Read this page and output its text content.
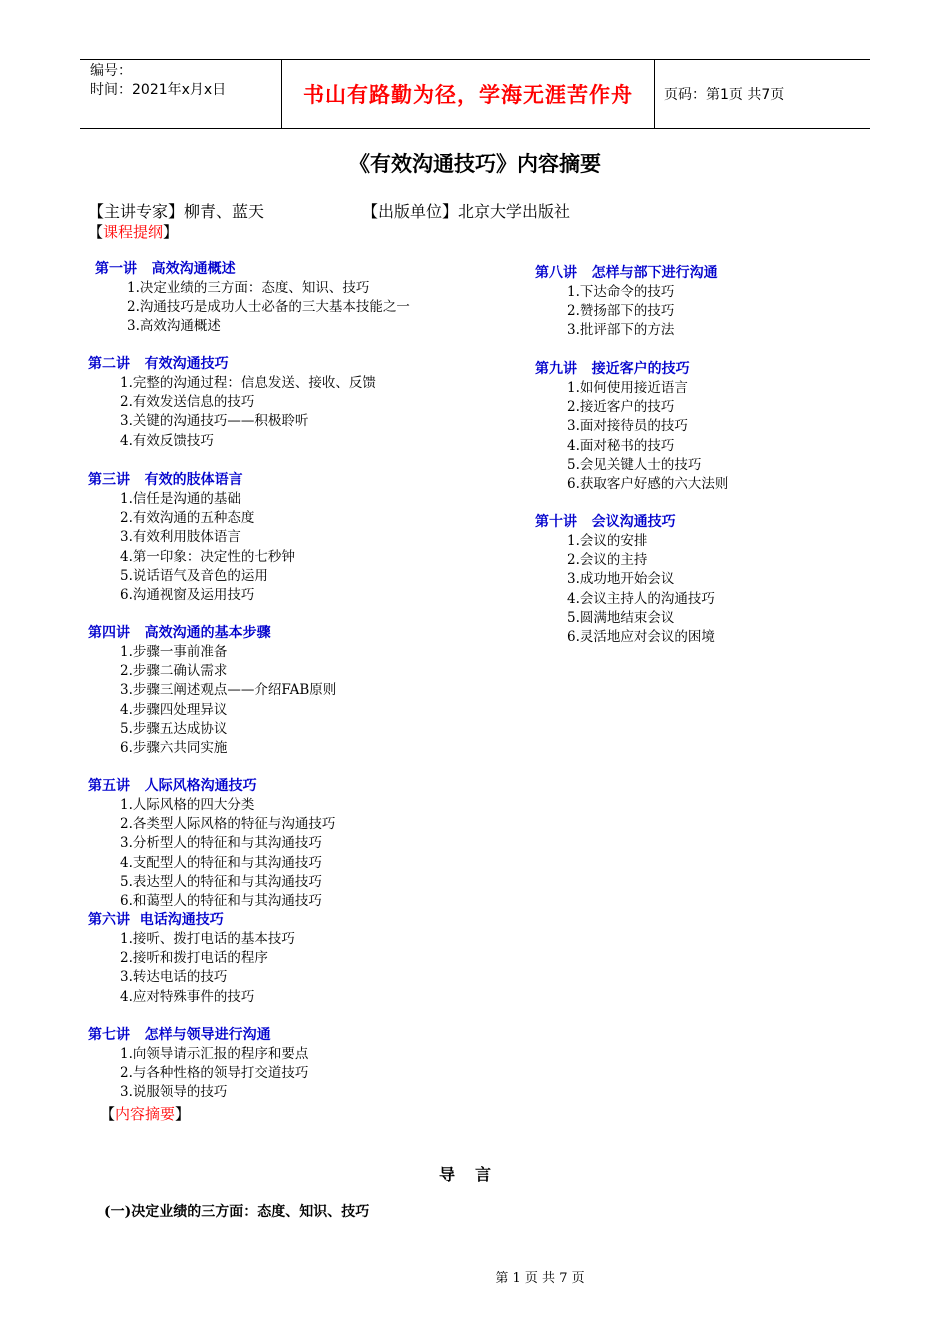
编号：
时间：2021年x月x日	书山有路勤为径，学海无涯苦作舟	页码：第1页 共7页
《有效沟通技巧》内容摘要
【主讲专家】柳青、蓝天	【出版单位】北京大学出版社
【课程提纲】
第一讲   高效沟通概述
1.决定业绩的三方面：态度、知识、技巧
2.沟通技巧是成功人士必备的三大基本技能之一
3.高效沟通概述
第二讲   有效沟通技巧
1.完整的沟通过程：信息发送、接收、反馈
2.有效发送信息的技巧
3.关键的沟通技巧——积极聆听
4.有效反馈技巧
第三讲   有效的肢体语言
1.信任是沟通的基础
2.有效沟通的五种态度
3.有效利用肢体语言
4.第一印象：决定性的七秒钟
5.说话语气及音色的运用
6.沟通视窗及运用技巧
第四讲   高效沟通的基本步骤
1.步骤一事前准备
2.步骤二确认需求
3.步骤三阐述观点——介绍FAB原则
4.步骤四处理异议
5.步骤五达成协议
6.步骤六共同实施
第五讲   人际风格沟通技巧
1.人际风格的四大分类
2.各类型人际风格的特征与沟通技巧
3.分析型人的特征和与其沟通技巧
4.支配型人的特征和与其沟通技巧
5.表达型人的特征和与其沟通技巧
6.和蔼型人的特征和与其沟通技巧
第六讲  电话沟通技巧
1.接听、拨打电话的基本技巧
2.接听和拨打电话的程序
3.转达电话的技巧
4.应对特殊事件的技巧
第七讲   怎样与领导进行沟通
1.向领导请示汇报的程序和要点
2.与各种性格的领导打交道技巧
3.说服领导的技巧
第八讲   怎样与部下进行沟通
1.下达命令的技巧
2.赞扬部下的技巧
3.批评部下的方法
第九讲   接近客户的技巧
1.如何使用接近语言
2.接近客户的技巧
3.面对接待员的技巧
4.面对秘书的技巧
5.会见关键人士的技巧
6.获取客户好感的六大法则
第十讲   会议沟通技巧
1.会议的安排
2.会议的主持
3.成功地开始会议
4.会议主持人的沟通技巧
5.圆满地结束会议
6.灵活地应对会议的困境
【内容摘要】
导言
(一)决定业绩的三方面：态度、知识、技巧
第 1 页 共 7 页
